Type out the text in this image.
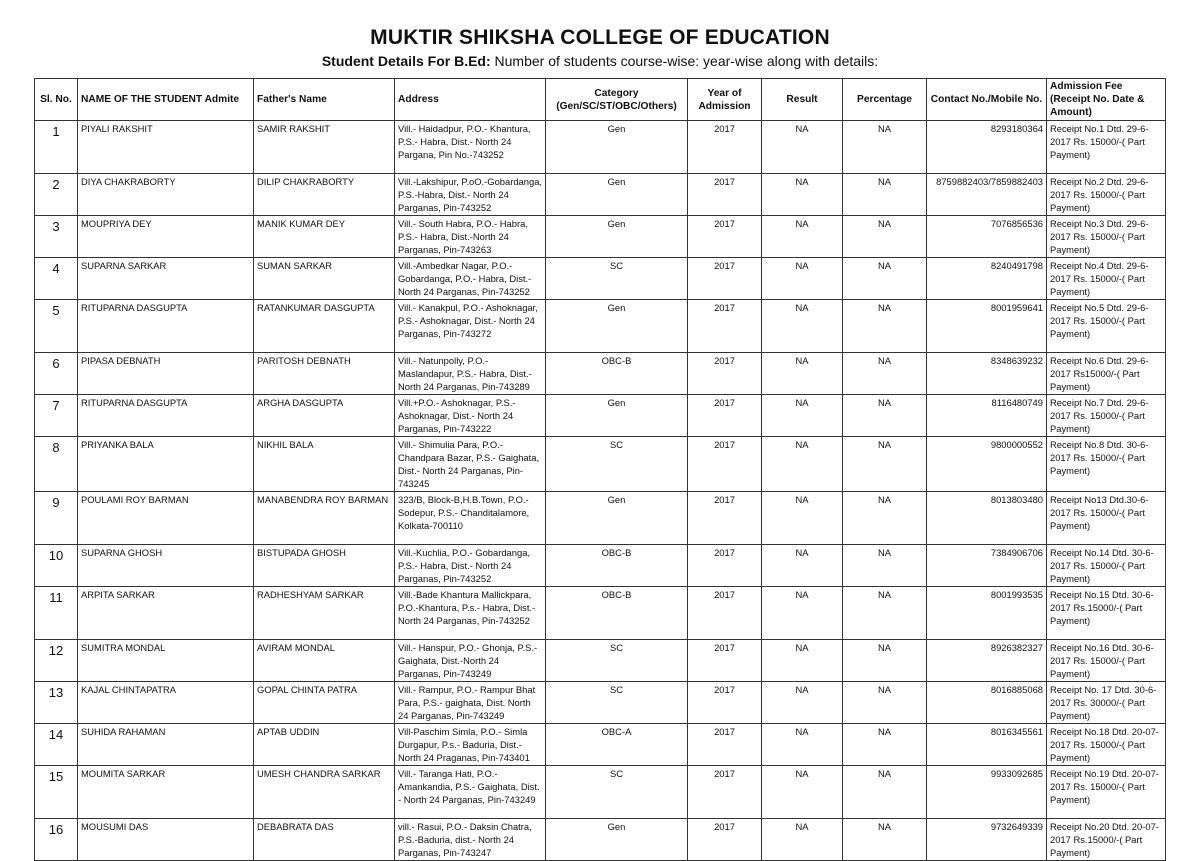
MUKTIR SHIKSHA COLLEGE OF EDUCATION
Student Details For B.Ed: Number of students course-wise: year-wise along with details:
Sl. No.	NAME OF THE STUDENT Admite	Father's Name	Address	Category (Gen/SC/ST/OBC/Others)	Year of Admission	Result	Percentage	Contact No./Mobile No.	Admission Fee (Receipt No. Date & Amount)
1	PIYALI RAKSHIT	SAMIR RAKSHIT	Vill.- Haidadpur, P.O.- Khantura, P.S.- Habra, Dist.- North 24 Pargana, Pin No.-743252	Gen	2017	NA	NA	8293180364	Receipt No.1 Dtd. 29-6-2017 Rs. 15000/-( Part Payment)
2	DIYA CHAKRABORTY	DILIP CHAKRABORTY	Vill.-Lakshipur, P.oO.-Gobardanga, P.S.-Habra, Dist.- North 24 Parganas, Pin-743252	Gen	2017	NA	NA	8759882403/7859882403	Receipt No.2 Dtd. 29-6-2017 Rs. 15000/-( Part Payment)
3	MOUPRIYA DEY	MANIK KUMAR DEY	Vill.- South Habra, P.O.- Habra, P.S.- Habra, Dist.-North 24 Parganas, Pin-743263	Gen	2017	NA	NA	7076856536	Receipt No.3 Dtd. 29-6-2017 Rs. 15000/-( Part Payment)
4	SUPARNA SARKAR	SUMAN SARKAR	Vill.-Ambedkar Nagar, P.O.- Gobardanga, P.O.- Habra, Dist.- North 24 Parganas, Pin-743252	SC	2017	NA	NA	8240491798	Receipt No.4 Dtd. 29-6-2017 Rs. 15000/-( Part Payment)
5	RITUPARNA DASGUPTA	RATANKUMAR DASGUPTA	Vill.- Kanakpul, P.O.- Ashoknagar, P.S.- Ashoknagar, Dist.- North 24 Parganas, Pin-743272	Gen	2017	NA	NA	8001959641	Receipt No.5 Dtd. 29-6-2017 Rs. 15000/-( Part Payment)
6	PIPASA DEBNATH	PARITOSH DEBNATH	Vill.- Natunpolly, P.O.- Maslandapur, P.S.- Habra, Dist.- North 24 Parganas, Pin-743289	OBC-B	2017	NA	NA	8348639232	Receipt No.6 Dtd. 29-6-2017 Rs15000/-( Part Payment)
7	RITUPARNA DASGUPTA	ARGHA DASGUPTA	Vill.+P.O.- Ashoknagar, P.S.- Ashoknagar, Dist.- North 24 Parganas, Pin-743222	Gen	2017	NA	NA	8116480749	Receipt No.7 Dtd. 29-6-2017 Rs. 15000/-( Part Payment)
8	PRIYANKA BALA	NIKHIL BALA	Vill.- Shimulia Para, P.O.- Chandpara Bazar, P.S.- Gaighata, Dist.- North 24 Parganas, Pin-743245	SC	2017	NA	NA	9800000552	Receipt No.8 Dtd. 30-6-2017 Rs. 15000/-( Part Payment)
9	POULAMI ROY BARMAN	MANABENDRA ROY BARMAN	323/B, Block-B,H.B.Town, P.O.- Sodepur, P.S.- Chanditalamore, Kolkata-700110	Gen	2017	NA	NA	8013803480	Receipt No13 Dtd.30-6-2017 Rs. 15000/-( Part Payment)
10	SUPARNA GHOSH	BISTUPADA GHOSH	Vill.-Kuchlia, P.O.- Gobardanga, P.S.- Habra, Dist.- North 24 Parganas, Pin-743252	OBC-B	2017	NA	NA	7384906706	Receipt No.14 Dtd. 30-6-2017 Rs. 15000/-( Part Payment)
11	ARPITA SARKAR	RADHESHYAM SARKAR	Vill.-Bade Khantura Mallickpara, P.O.-Khantura, P.s.- Habra, Dist.- North 24 Parganas, Pin-743252	OBC-B	2017	NA	NA	8001993535	Receipt No.15 Dtd. 30-6-2017 Rs.15000/-( Part Payment)
12	SUMITRA MONDAL	AVIRAM MONDAL	Vill.- Hanspur, P.O.- Ghonja, P.S.- Gaighata, Dist.-North 24 Parganas, Pin-743249	SC	2017	NA	NA	8926382327	Receipt No.16 Dtd. 30-6-2017 Rs. 15000/-( Part Payment)
13	KAJAL CHINTAPATRA	GOPAL CHINTA PATRA	Vill.- Rampur, P.O.- Rampur Bhat Para, P.S.- gaighata, Dist. North 24 Parganas, Pin-743249	SC	2017	NA	NA	8016885068	Receipt No. 17 Dtd. 30-6-2017 Rs. 30000/-( Part Payment)
14	SUHIDA RAHAMAN	APTAB UDDIN	Vill-Paschim Simla, P.O.- Simla Durgapur, P.s.- Baduria, Dist.- North 24 Praganas, Pin-743401	OBC-A	2017	NA	NA	8016345561	Receipt No.18 Dtd. 20-07-2017 Rs. 15000/-( Part Payment)
15	MOUMITA SARKAR	UMESH CHANDRA SARKAR	Vill.- Taranga Hati, P.O.- Amankandia, P.S.- Gaighata, Dist. - North 24 Parganas, Pin-743249	SC	2017	NA	NA	9933092685	Receipt No.19 Dtd. 20-07-2017 Rs. 15000/-( Part Payment)
16	MOUSUMI DAS	DEBABRATA DAS	vill.- Rasui, P.O.- Daksin Chatra, P.S.-Baduria, dist.- North 24 Parganas, Pin-743247	Gen	2017	NA	NA	9732649339	Receipt No.20 Dtd. 20-07-2017 Rs.15000/-( Part Payment)
